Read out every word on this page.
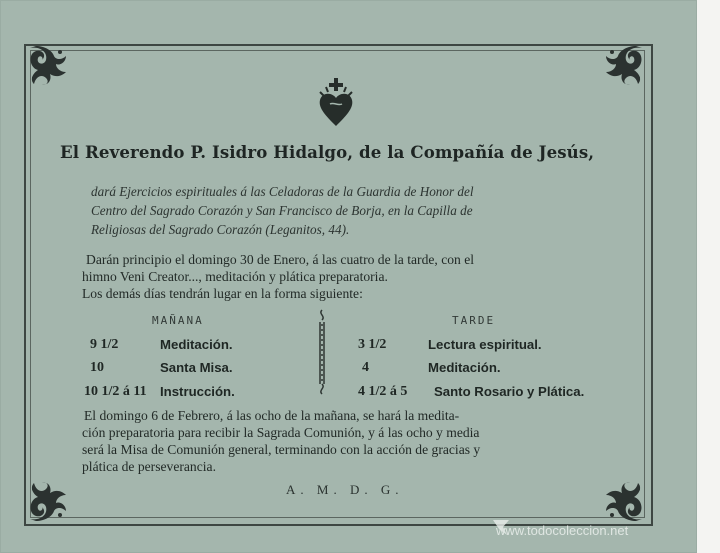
El Reverendo P. Isidro Hidalgo, de la Compañía de Jesús,
dará Ejercicios espirituales á las Celadoras de la Guardia de Honor del
Centro del Sagrado Corazón y San Francisco de Borja, en la Capilla de
Religiosas del Sagrado Corazón (Leganitos, 44).
Darán principio el domingo 30 de Enero, á las cuatro de la tarde, con el
himno Veni Creator..., meditación y plática preparatoria.
Los demás días tendrán lugar en la forma siguiente:
MAÑANA	TARDE
9 1/2	Meditación.
10	Santa Misa.
10 1/2 á 11 Instrucción.
3 1/2	Lectura espiritual.
4	Meditación.
4 1/2 á 5 Santo Rosario y Plática.
El domingo 6 de Febrero, á las ocho de la mañana, se hará la medita-
ción preparatoria para recibir la Sagrada Comunión, y á las ocho y media
será la Misa de Comunión general, terminando con la acción de gracias y
plática de perseverancia.
A. M. D. G.
www.todocoleccion.net
